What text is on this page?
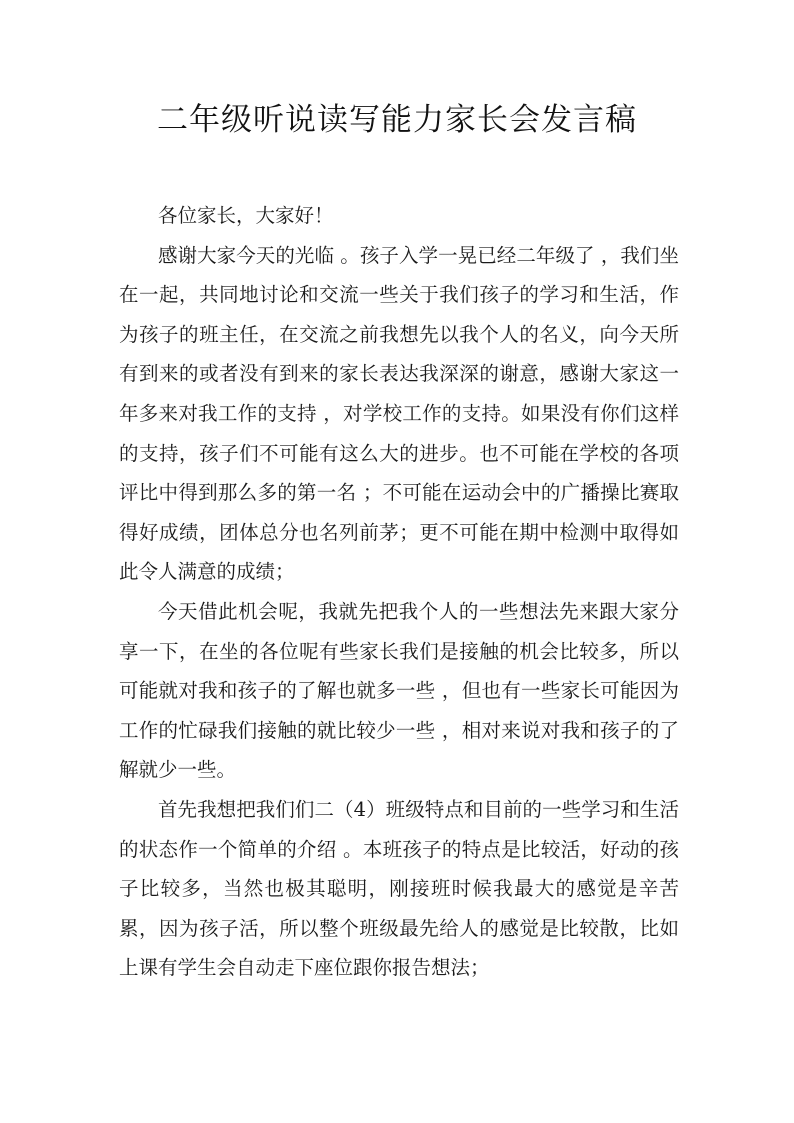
二年级听说读写能力家长会发言稿

各位家长，大家好！

感谢大家今天的光临 。孩子入学一晃已经二年级了 ，我们坐在一起，共同地讨论和交流一些关于我们孩子的学习和生活，作为孩子的班主任，在交流之前我想先以我个人的名义，向今天所有到来的或者没有到来的家长表达我深深的谢意，感谢大家这一年多来对我工作的支持 ，对学校工作的支持。如果没有你们这样的支持，孩子们不可能有这么大的进步。也不可能在学校的各项评比中得到那么多的第一名 ；不可能在运动会中的广播操比赛取得好成绩，团体总分也名列前茅；更不可能在期中检测中取得如此令人满意的成绩；

今天借此机会呢，我就先把我个人的一些想法先来跟大家分享一下，在坐的各位呢有些家长我们是接触的机会比较多，所以可能就对我和孩子的了解也就多一些 ，但也有一些家长可能因为工作的忙碌我们接触的就比较少一些 ，相对来说对我和孩子的了解就少一些。

首先我想把我们们二（4）班级特点和目前的一些学习和生活的状态作一个简单的介绍 。本班孩子的特点是比较活，好动的孩子比较多，当然也极其聪明，刚接班时候我最大的感觉是辛苦累，因为孩子活，所以整个班级最先给人的感觉是比较散，比如上课有学生会自动走下座位跟你报告想法；
